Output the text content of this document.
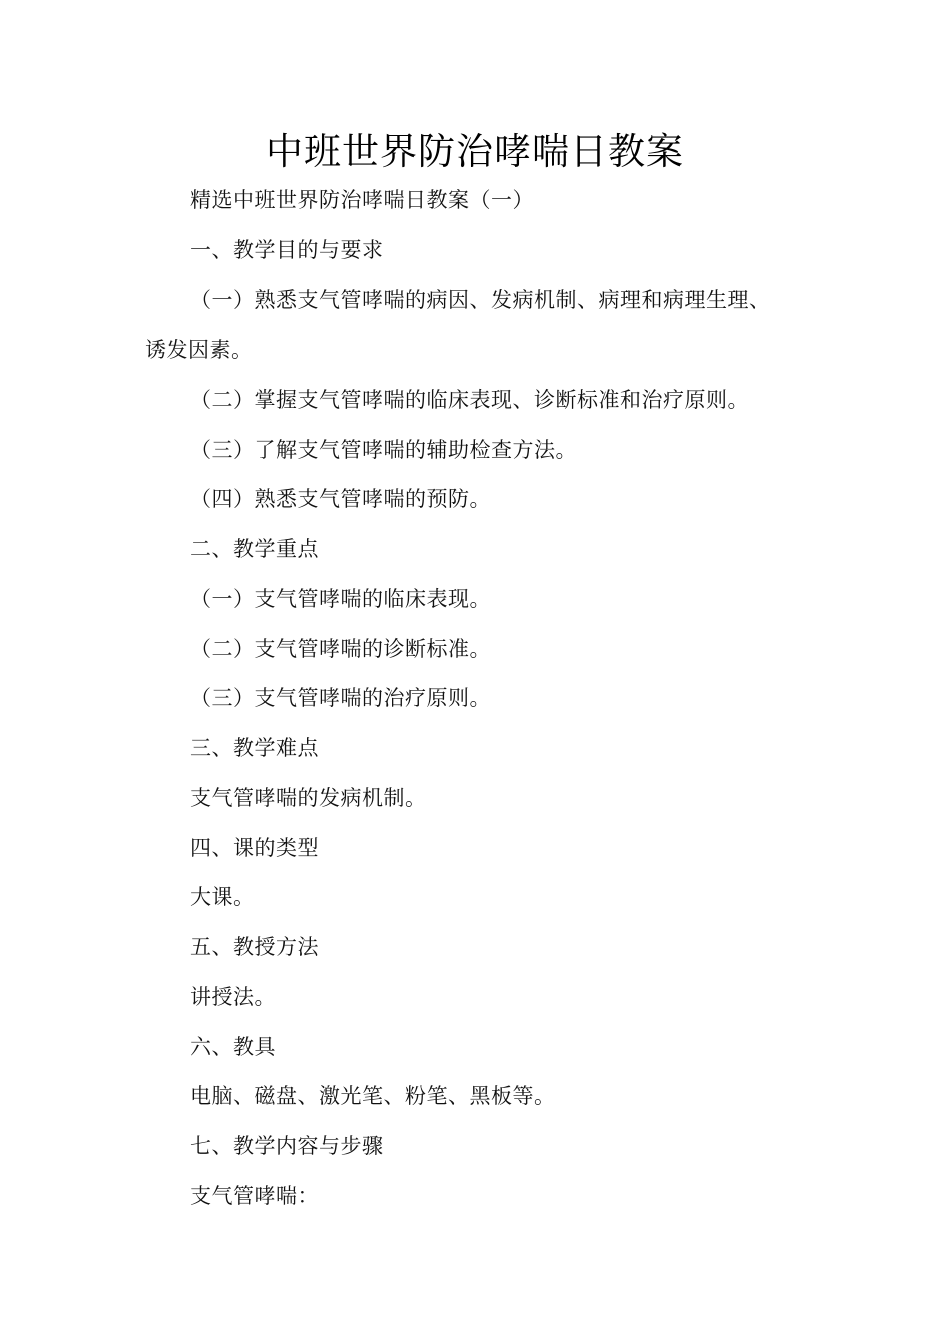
中班世界防治哮喘日教案
精选中班世界防治哮喘日教案（一）
一、教学目的与要求
（一）熟悉支气管哮喘的病因、发病机制、病理和病理生理、
诱发因素。
（二）掌握支气管哮喘的临床表现、诊断标准和治疗原则。
（三）了解支气管哮喘的辅助检查方法。
（四）熟悉支气管哮喘的预防。
二、教学重点
（一）支气管哮喘的临床表现。
（二）支气管哮喘的诊断标准。
（三）支气管哮喘的治疗原则。
三、教学难点
支气管哮喘的发病机制。
四、课的类型
大课。
五、教授方法
讲授法。
六、教具
电脑、磁盘、激光笔、粉笔、黑板等。
七、教学内容与步骤
支气管哮喘：
